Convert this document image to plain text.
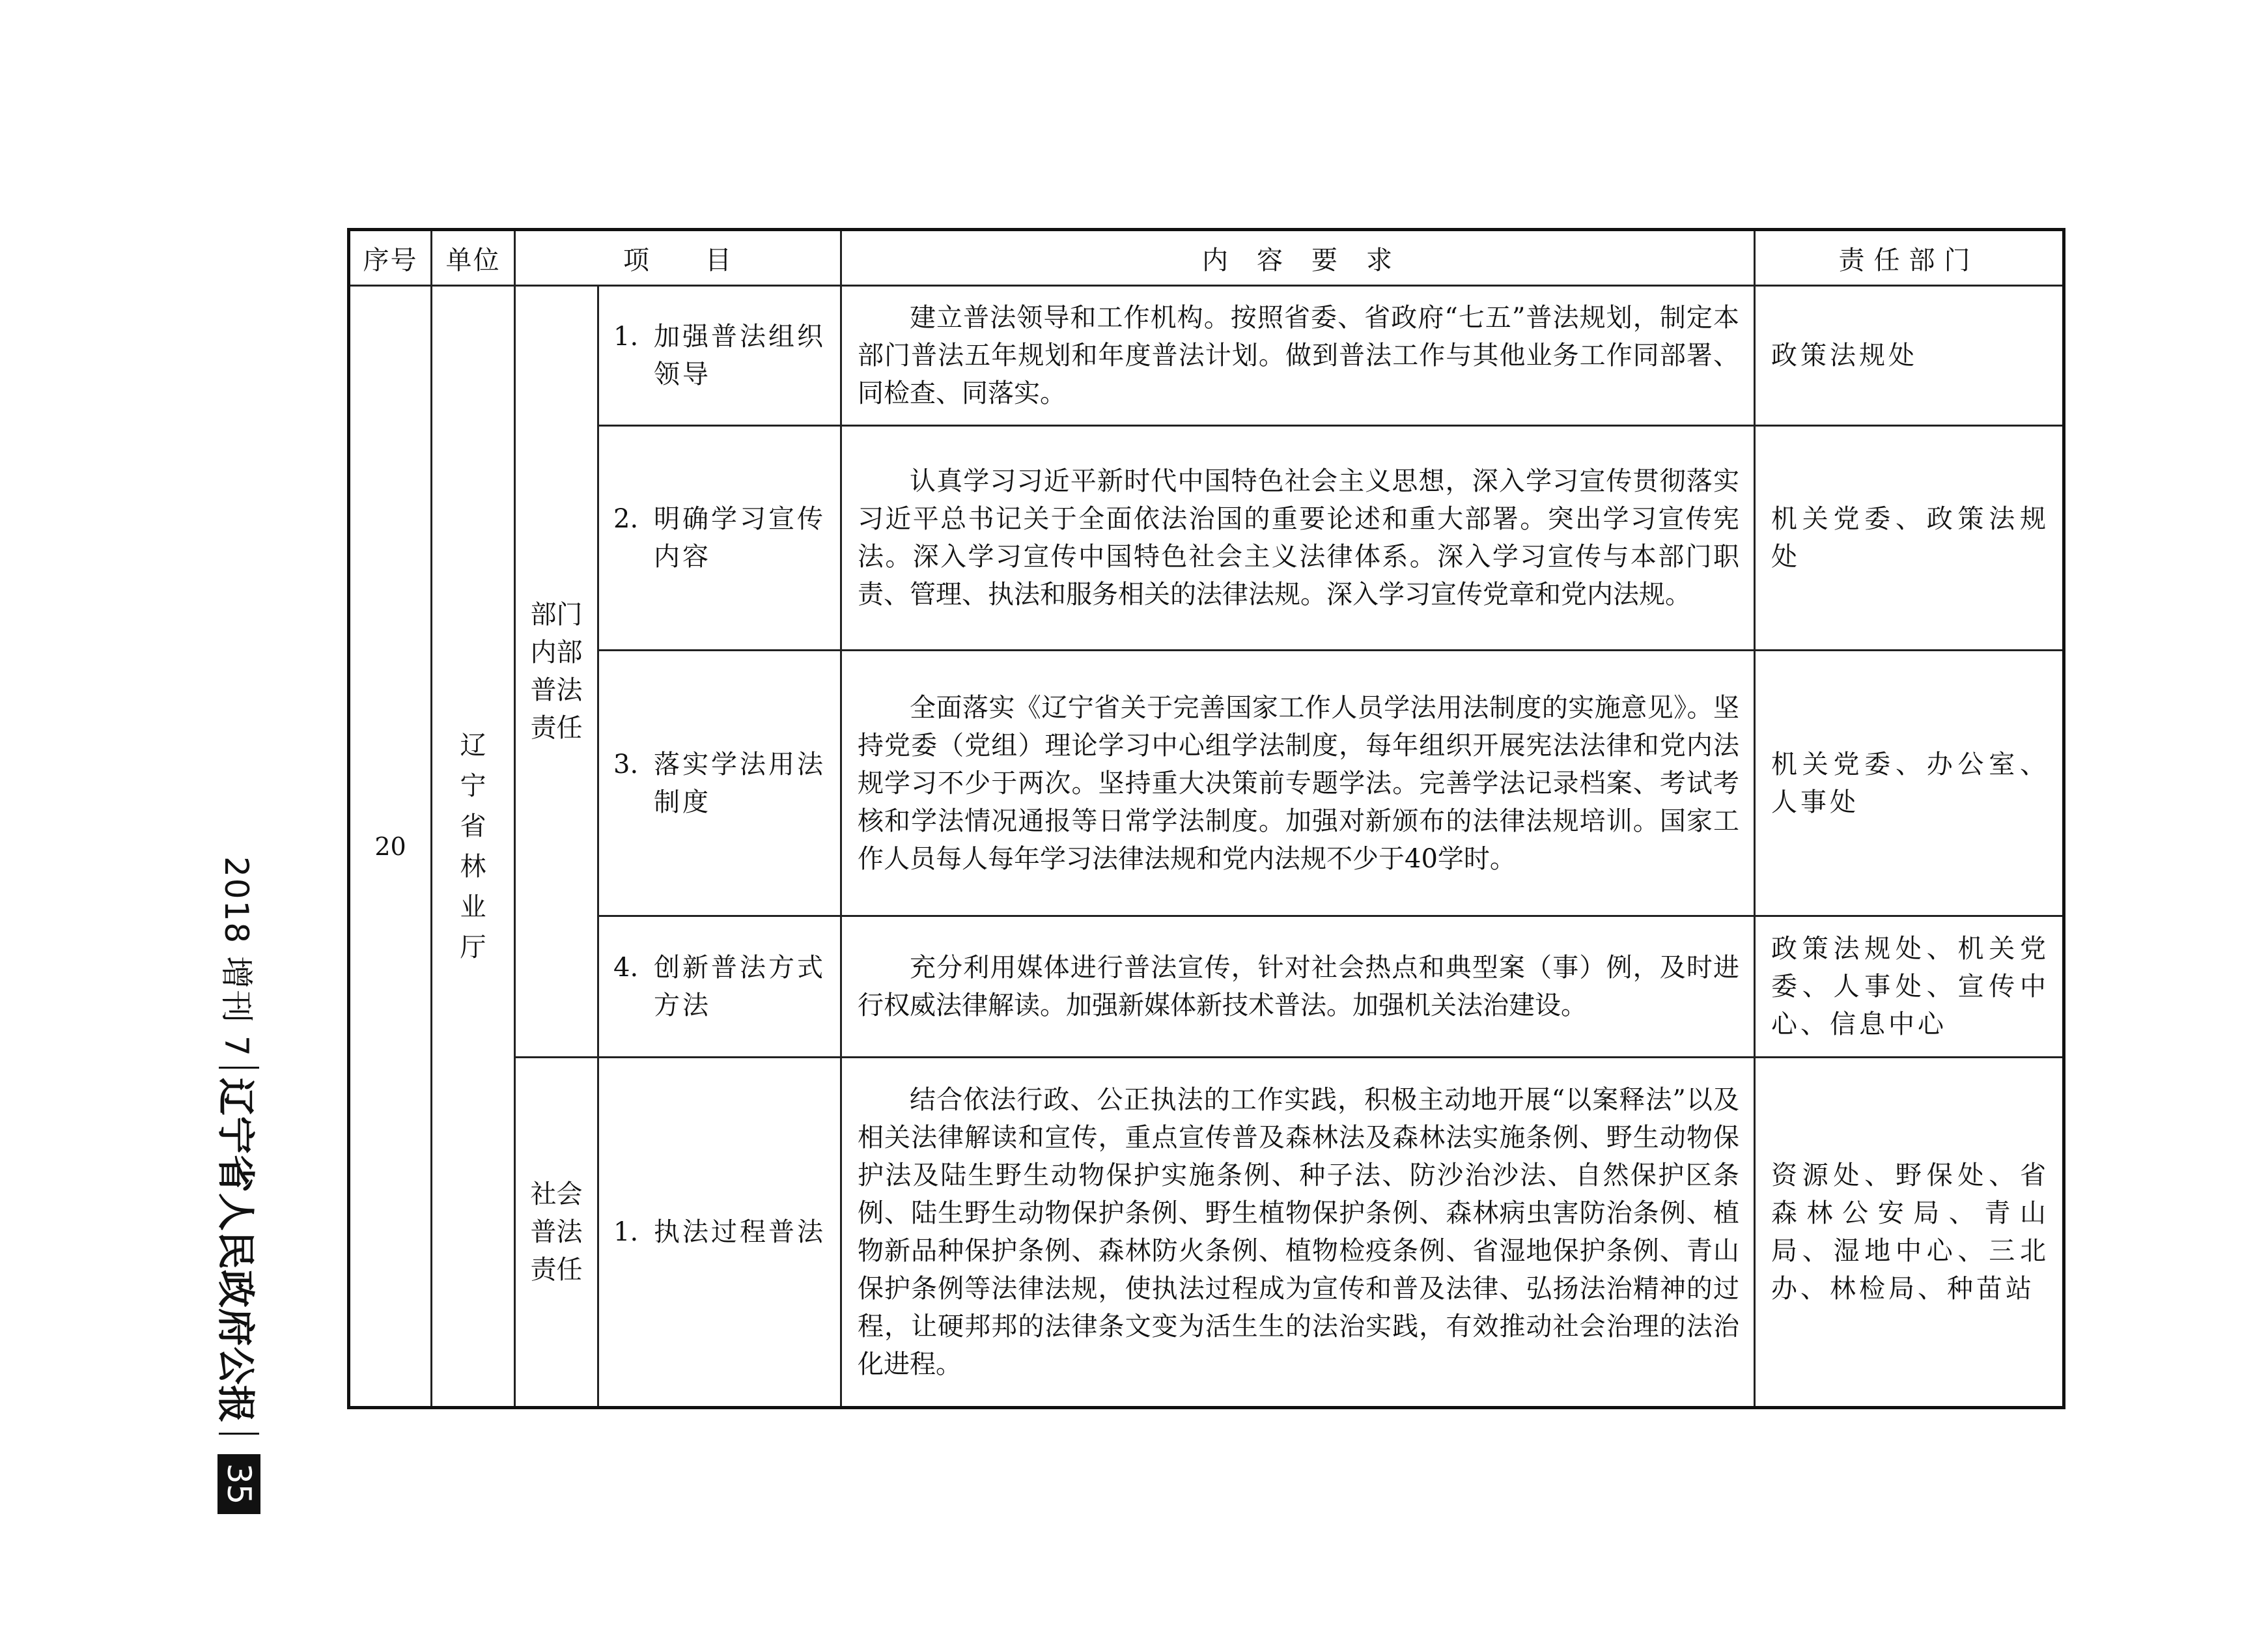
序号	单位	项　　目		内　容　要　求	责任部门
20	辽宁省林业厅	部门内部普法责任	1. 加强普法组织领导	建立普法领导和工作机构。按照省委、省政府“七五”普法规划，制定本部门普法五年规划和年度普法计划。做到普法工作与其他业务工作同部署、同检查、同落实。	政策法规处

			2. 明确学习宣传内容	认真学习习近平新时代中国特色社会主义思想，深入学习宣传贯彻落实习近平总书记关于全面依法治国的重要论述和重大部署。突出学习宣传宪法。深入学习宣传中国特色社会主义法律体系。深入学习宣传与本部门职责、管理、执法和服务相关的法律法规。深入学习宣传党章和党内法规。	机关党委、政策法规处

			3. 落实学法用法制度	全面落实《辽宁省关于完善国家工作人员学法用法制度的实施意见》。坚持党委（党组）理论学习中心组学法制度，每年组织开展宪法法律和党内法规学习不少于两次。坚持重大决策前专题学法。完善学法记录档案、考试考核和学法情况通报等日常学法制度。加强对新颁布的法律法规培训。国家工作人员每人每年学习法律法规和党内法规不少于40学时。	机关党委、办公室、人事处

			4. 创新普法方式方法	充分利用媒体进行普法宣传，针对社会热点和典型案（事）例，及时进行权威法律解读。加强新媒体新技术普法。加强机关法治建设。	政策法规处、机关党委、人事处、宣传中心、信息中心

		社会普法责任	1. 执法过程普法	结合依法行政、公正执法的工作实践，积极主动地开展“以案释法”以及相关法律解读和宣传，重点宣传普及森林法及森林法实施条例、野生动物保护法及陆生野生动物保护实施条例、种子法、防沙治沙法、自然保护区条例、陆生野生动物保护条例、野生植物保护条例、森林病虫害防治条例、植物新品种保护条例、森林防火条例、植物检疫条例、省湿地保护条例、青山保护条例等法律法规，使执法过程成为宣传和普及法律、弘扬法治精神的过程，让硬邦邦的法律条文变为活生生的法治实践，有效推动社会治理的法治化进程。	资源处、野保处、省森林公安局、青山局、湿地中心、三北办、林检局、种苗站
2018 增刊 7
辽宁省人民政府公报
35
